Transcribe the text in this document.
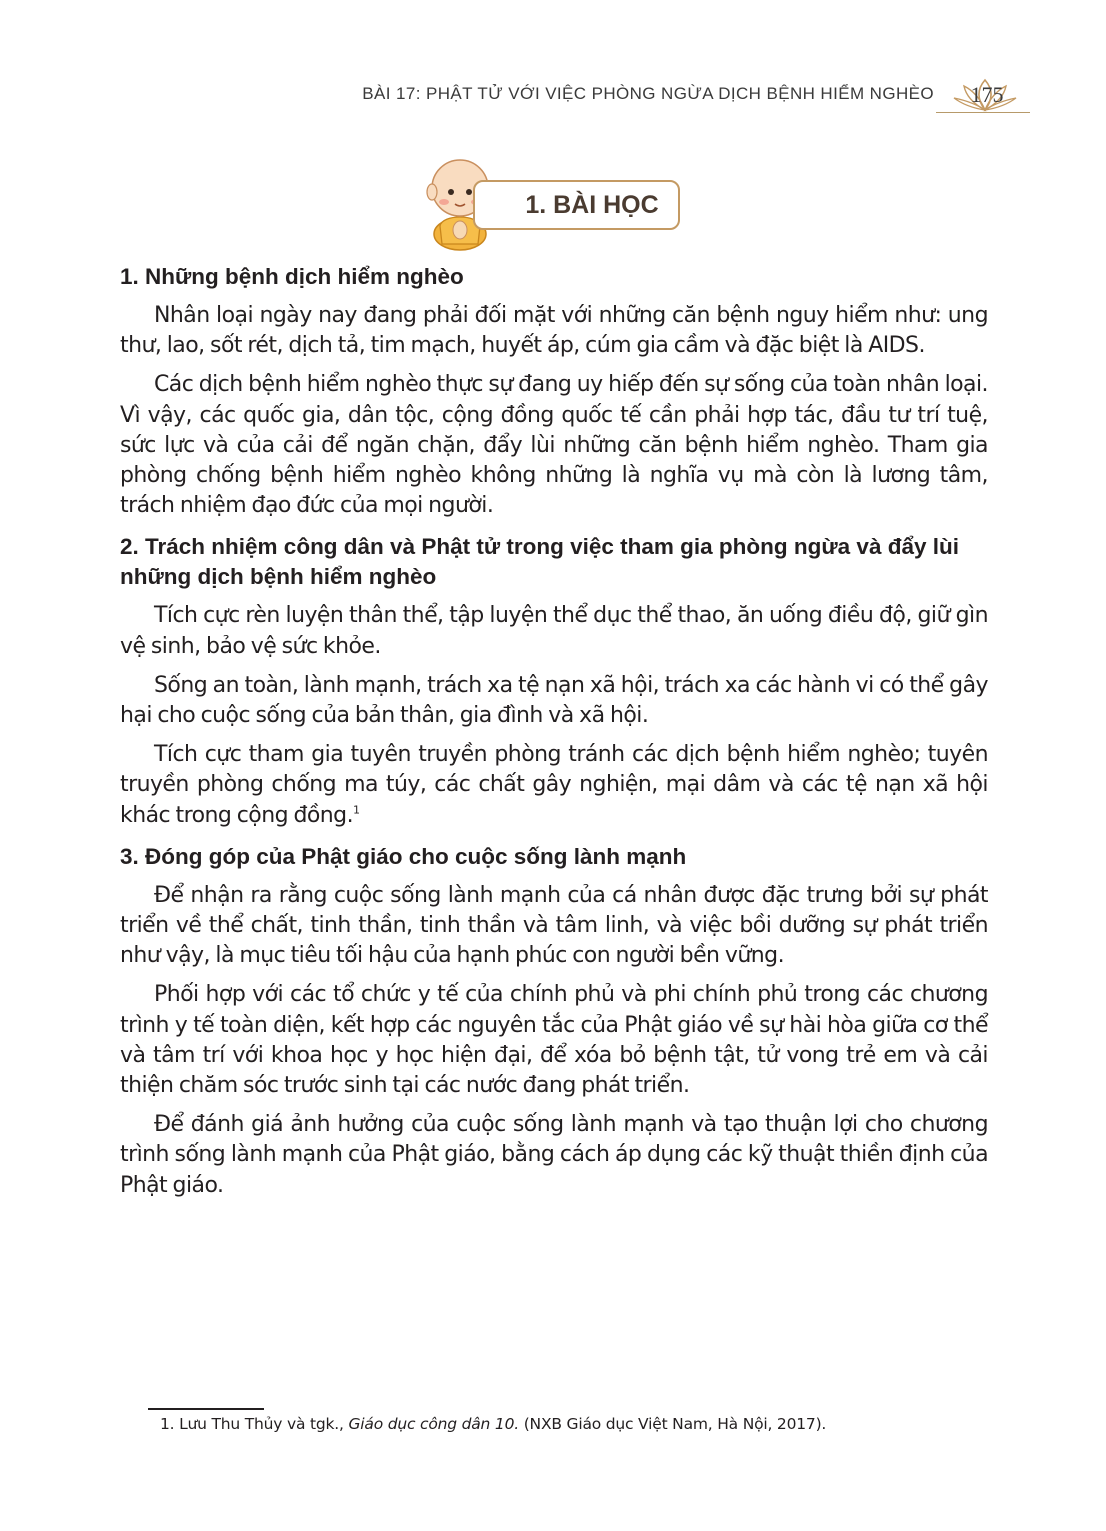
BÀI 17: PHẬT TỬ VỚI VIỆC PHÒNG NGỪA DỊCH BỆNH HIỂM NGHÈO 175
1. BÀI HỌC
1. Những bệnh dịch hiểm nghèo

Nhân loại ngày nay đang phải đối mặt với những căn bệnh nguy hiểm như: ung thư, lao, sốt rét, dịch tả, tim mạch, huyết áp, cúm gia cầm và đặc biệt là AIDS.

Các dịch bệnh hiểm nghèo thực sự đang uy hiếp đến sự sống của toàn nhân loại. Vì vậy, các quốc gia, dân tộc, cộng đồng quốc tế cần phải hợp tác, đầu tư trí tuệ, sức lực và của cải để ngăn chặn, đẩy lùi những căn bệnh hiểm nghèo. Tham gia phòng chống bệnh hiểm nghèo không những là nghĩa vụ mà còn là lương tâm, trách nhiệm đạo đức của mọi người.

2. Trách nhiệm công dân và Phật tử trong việc tham gia phòng ngừa và đẩy lùi những dịch bệnh hiểm nghèo

Tích cực rèn luyện thân thể, tập luyện thể dục thể thao, ăn uống điều độ, giữ gìn vệ sinh, bảo vệ sức khỏe.

Sống an toàn, lành mạnh, trách xa tệ nạn xã hội, trách xa các hành vi có thể gây hại cho cuộc sống của bản thân, gia đình và xã hội.

Tích cực tham gia tuyên truyền phòng tránh các dịch bệnh hiểm nghèo; tuyên truyền phòng chống ma túy, các chất gây nghiện, mại dâm và các tệ nạn xã hội khác trong cộng đồng.$^1$

3. Đóng góp của Phật giáo cho cuộc sống lành mạnh

Để nhận ra rằng cuộc sống lành mạnh của cá nhân được đặc trưng bởi sự phát triển về thể chất, tinh thần, tinh thần và tâm linh, và việc bồi dưỡng sự phát triển như vậy, là mục tiêu tối hậu của hạnh phúc con người bền vững.

Phối hợp với các tổ chức y tế của chính phủ và phi chính phủ trong các chương trình y tế toàn diện, kết hợp các nguyên tắc của Phật giáo về sự hài hòa giữa cơ thể và tâm trí với khoa học y học hiện đại, để xóa bỏ bệnh tật, tử vong trẻ em và cải thiện chăm sóc trước sinh tại các nước đang phát triển.

Để đánh giá ảnh hưởng của cuộc sống lành mạnh và tạo thuận lợi cho chương trình sống lành mạnh của Phật giáo, bằng cách áp dụng các kỹ thuật thiền định của Phật giáo.

1. Lưu Thu Thủy và tgk., Giáo dục công dân 10. (NXB Giáo dục Việt Nam, Hà Nội, 2017).
